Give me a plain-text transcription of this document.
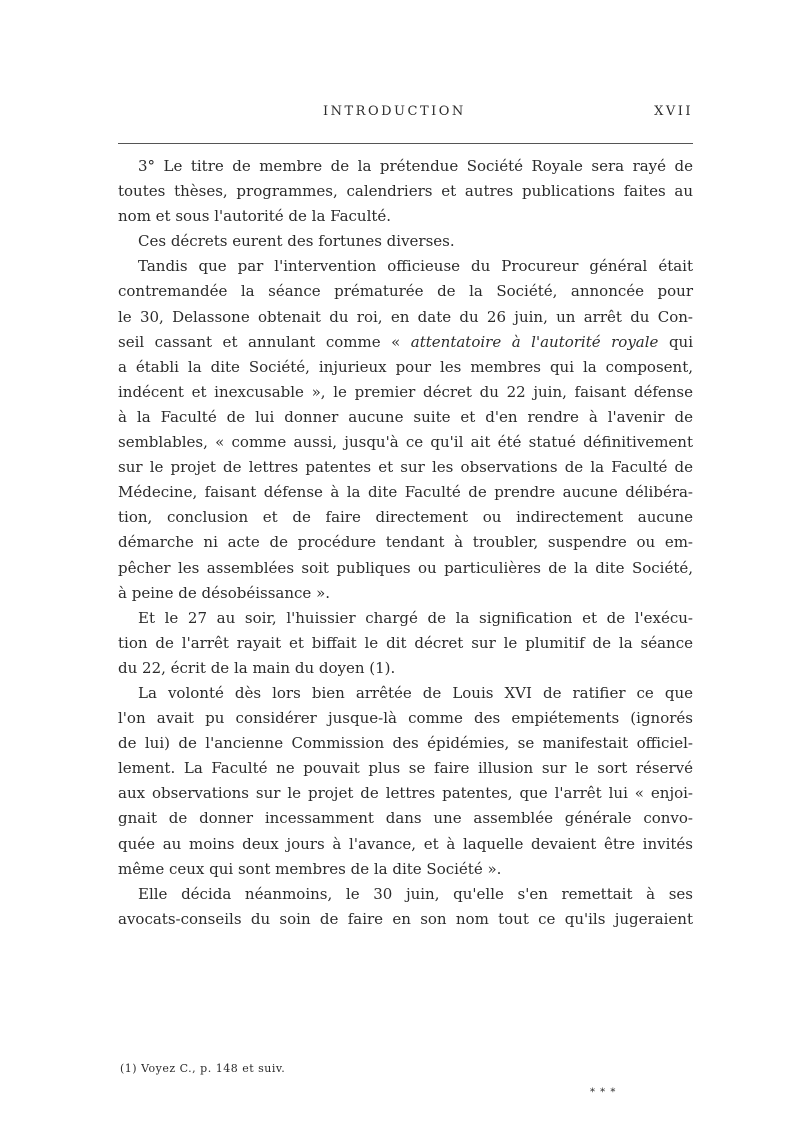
INTRODUCTION	XVII
3° Le titre de membre de la prétendue Société Royale sera rayé de
toutes thèses, programmes, calendriers et autres publications faites au
nom et sous l'autorité de la Faculté.
Ces décrets eurent des fortunes diverses.
Tandis que par l'intervention officieuse du Procureur général était
contremandée la séance prématurée de la Société, annoncée pour
le 30, Delassone obtenait du roi, en date du 26 juin, un arrêt du Con-
seil cassant et annulant comme « attentatoire à l'autorité royale qui
a établi la dite Société, injurieux pour les membres qui la composent,
indécent et inexcusable », le premier décret du 22 juin, faisant défense
à la Faculté de lui donner aucune suite et d'en rendre à l'avenir de
semblables, « comme aussi, jusqu'à ce qu'il ait été statué définitivement
sur le projet de lettres patentes et sur les observations de la Faculté de
Médecine, faisant défense à la dite Faculté de prendre aucune délibéra-
tion, conclusion et de faire directement ou indirectement aucune
démarche ni acte de procédure tendant à troubler, suspendre ou em-
pêcher les assemblées soit publiques ou particulières de la dite Société,
à peine de désobéissance ».
Et le 27 au soir, l'huissier chargé de la signification et de l'exécu-
tion de l'arrêt rayait et biffait le dit décret sur le plumitif de la séance
du 22, écrit de la main du doyen (1).
La volonté dès lors bien arrêtée de Louis XVI de ratifier ce que
l'on avait pu considérer jusque-là comme des empiétements (ignorés
de lui) de l'ancienne Commission des épidémies, se manifestait officiel-
lement. La Faculté ne pouvait plus se faire illusion sur le sort réservé
aux observations sur le projet de lettres patentes, que l'arrêt lui « enjoi-
gnait de donner incessamment dans une assemblée générale convo-
quée au moins deux jours à l'avance, et à laquelle devaient être invités
même ceux qui sont membres de la dite Société ».
Elle décida néanmoins, le 30 juin, qu'elle s'en remettait à ses
avocats-conseils du soin de faire en son nom tout ce qu'ils jugeraient
(1) Voyez C., p. 148 et suiv.
* * *
